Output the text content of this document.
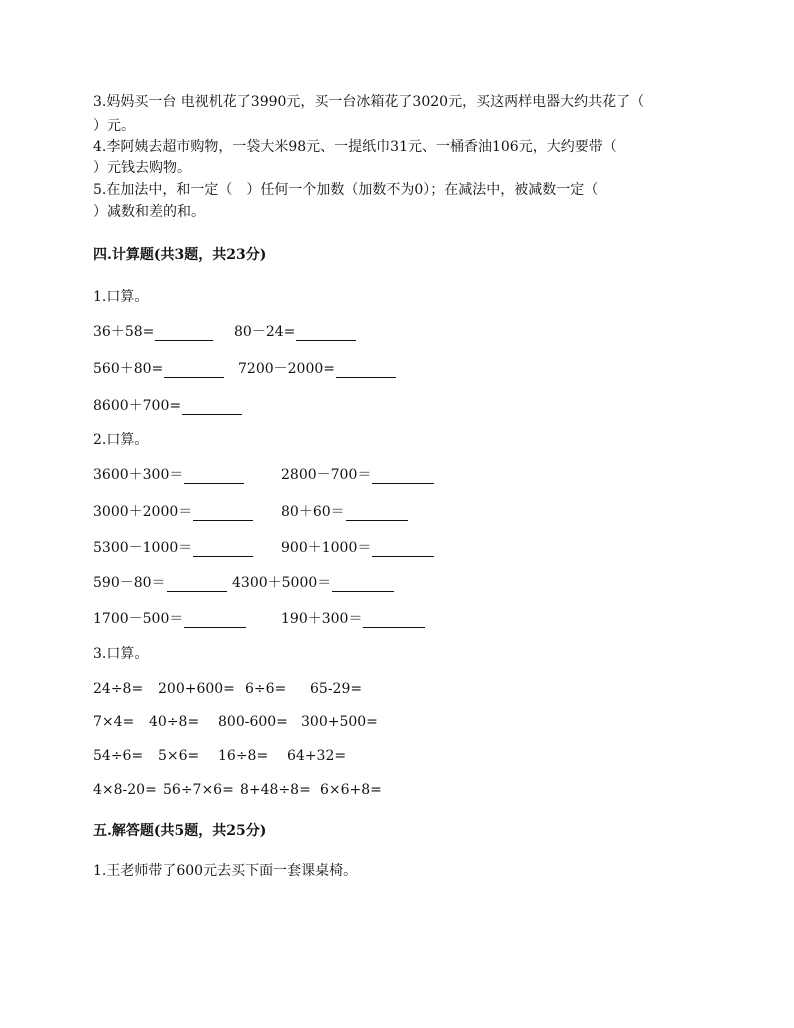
3.妈妈买一台 电视机花了3990元，买一台冰箱花了3020元，买这两样电器大约共花了（
）元。
4.李阿姨去超市购物，一袋大米98元、一提纸巾31元、一桶香油106元，大约要带（
）元钱去购物。
5.在加法中，和一定（　）任何一个加数（加数不为0）；在减法中，被减数一定（
）减数和差的和。
四.计算题(共3题，共23分)
1.口算。
36＋58=	80－24=
560＋80=	7200－2000=
8600＋700=
2.口算。
3600＋300＝	2800－700＝
3000＋2000＝	80＋60＝
5300－1000＝	900＋1000＝
590－80＝	4300＋5000＝
1700－500＝	190＋300＝
3.口算。
24÷8= 200+600= 6÷6= 65-29=
7×4= 40÷8= 800-600= 300+500=
54÷6= 5×6= 16÷8= 64+32=
4×8-20= 56÷7×6= 8+48÷8= 6×6+8=
五.解答题(共5题，共25分)
1.王老师带了600元去买下面一套课桌椅。
